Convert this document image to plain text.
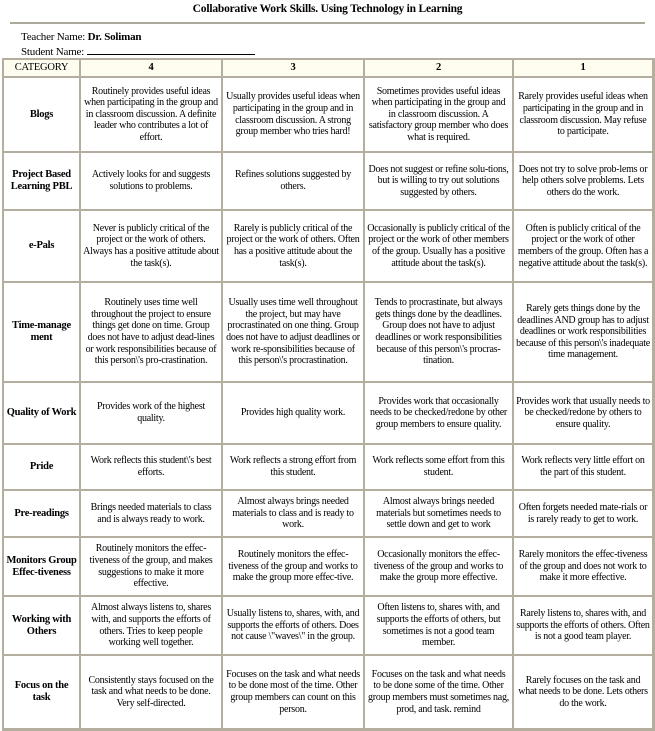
Collaborative Work Skills. Using Technology in Learning
Teacher Name: Dr. Soliman
Student Name:
CATEGORY	4	3	2	1
Blogs	Routinely provides useful ideas when participating in the group and in classroom discussion. A definite leader who contributes a lot of effort.	Usually provides useful ideas when participating in the group and in classroom discussion. A strong group member who tries hard!	Sometimes provides useful ideas when participating in the group and in classroom discussion. A satisfactory group member who does what is required.	Rarely provides useful ideas when participating in the group and in classroom discussion. May refuse to participate.
Project Based Learning PBL	Actively looks for and suggests solutions to problems.	Refines solutions suggested by others.	Does not suggest or refine solu-tions, but is willing to try out solutions suggested by others.	Does not try to solve prob-lems or help others solve problems. Lets others do the work.
e-Pals	Never is publicly critical of the project or the work of others. Always has a positive attitude about the task(s).	Rarely is publicly critical of the project or the work of others. Often has a positive attitude about the task(s).	Occasionally is publicly critical of the project or the work of other members of the group. Usually has a positive attitude about the task(s).	Often is publicly critical of the project or the work of other members of the group. Often has a negative attitude about the task(s).
Time-manage ment	Routinely uses time well throughout the project to ensure things get done on time. Group does not have to adjust dead-lines or work responsibilities because of this person\'s pro-crastination.	Usually uses time well throughout the project, but may have procrastinated on one thing. Group does not have to adjust deadlines or work re-sponsibilities because of this person\'s procrastination.	Tends to procrastinate, but always gets things done by the deadlines. Group does not have to adjust deadlines or work responsibilities because of this person\'s procras-tination.	Rarely gets things done by the deadlines AND group has to adjust deadlines or work responsibilities because of this person\'s inadequate time management.
Quality of Work	Provides work of the highest quality.	Provides high quality work.	Provides work that occasionally needs to be checked/redone by other group members to ensure quality.	Provides work that usually needs to be checked/redone by others to ensure quality.
Pride	Work reflects this student\'s best efforts.	Work reflects a strong effort from this student.	Work reflects some effort from this student.	Work reflects very little effort on the part of this student.
Pre-readings	Brings needed materials to class and is always ready to work.	Almost always brings needed materials to class and is ready to work.	Almost always brings needed materials but sometimes needs to settle down and get to work	Often forgets needed mate-rials or is rarely ready to get to work.
Monitors Group Effec-tiveness	Routinely monitors the effec-tiveness of the group, and makes suggestions to make it more effective.	Routinely monitors the effec-tiveness of the group and works to make the group more effec-tive.	Occasionally monitors the effec-tiveness of the group and works to make the group more effective.	Rarely monitors the effec-tiveness of the group and does not work to make it more effective.
Working with Others	Almost always listens to, shares with, and supports the efforts of others. Tries to keep people working well together.	Usually listens to, shares, with, and supports the efforts of others. Does not cause \"waves\" in the group.	Often listens to, shares with, and supports the efforts of others, but sometimes is not a good team member.	Rarely listens to, shares with, and supports the efforts of others. Often is not a good team player.
Focus on the task	Consistently stays focused on the task and what needs to be done. Very self-directed.	Focuses on the task and what needs to be done most of the time. Other group members can count on this person.	Focuses on the task and what needs to be done some of the time. Other group members must sometimes nag, prod, and task. remind	Rarely focuses on the task and what needs to be done. Lets others do the work.
